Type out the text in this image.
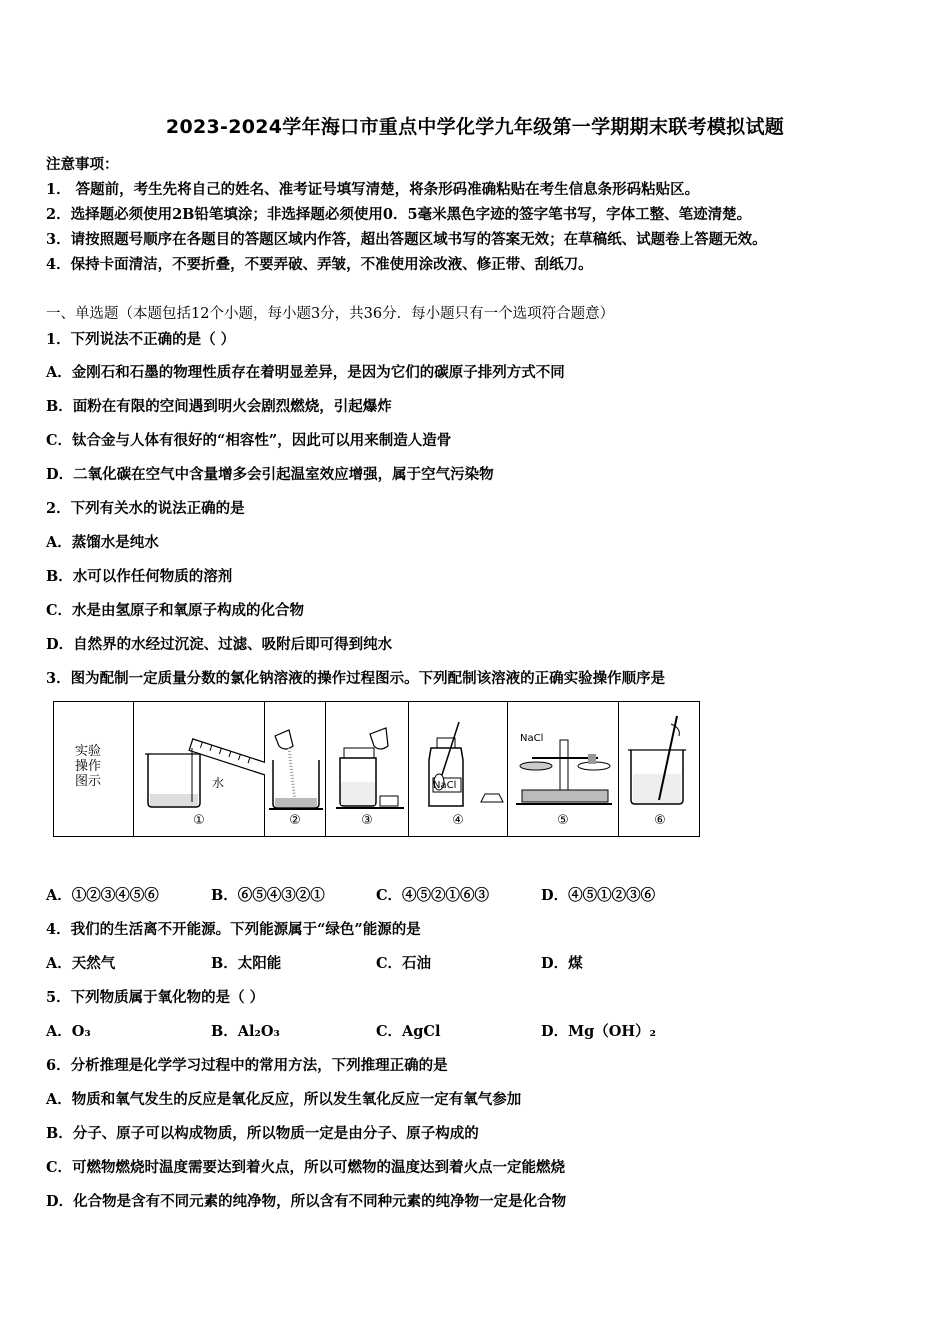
2023-2024学年海口市重点中学化学九年级第一学期期末联考模拟试题
注意事项：
1． 答题前，考生先将自己的姓名、准考证号填写清楚，将条形码准确粘贴在考生信息条形码粘贴区。
2．选择题必须使用2B铅笔填涂；非选择题必须使用0．5毫米黑色字迹的签字笔书写，字体工整、笔迹清楚。
3．请按照题号顺序在各题目的答题区域内作答，超出答题区域书写的答案无效；在草稿纸、试题卷上答题无效。
4．保持卡面清洁，不要折叠，不要弄破、弄皱，不准使用涂改液、修正带、刮纸刀。
一、单选题（本题包括12个小题，每小题3分，共36分．每小题只有一个选项符合题意）
1．下列说法不正确的是（ ）
A．金刚石和石墨的物理性质存在着明显差异，是因为它们的碳原子排列方式不同
B．面粉在有限的空间遇到明火会剧烈燃烧，引起爆炸
C．钛合金与人体有很好的“相容性”，因此可以用来制造人造骨
D．二氧化碳在空气中含量增多会引起温室效应增强，属于空气污染物
2．下列有关水的说法正确的是
A．蒸馏水是纯水
B．水可以作任何物质的溶剂
C．水是由氢原子和氧原子构成的化合物
D．自然界的水经过沉淀、过滤、吸附后即可得到纯水
3．图为配制一定质量分数的氯化钠溶液的操作过程图示。下列配制该溶液的正确实验操作顺序是
实验
操作
图示	水
①	②	③
NaCl
④
NaCl
⑤	⑥
A．①②③④⑤⑥	B．⑥⑤④③②①	C．④⑤②①⑥③	D．④⑤①②③⑥
4．我们的生活离不开能源。下列能源属于“绿色”能源的是
A．天然气	B．太阳能	C．石油	D．煤
5．下列物质属于氧化物的是（ ）
A．O₃	B．Al₂O₃	C．AgCl	D．Mg（OH）₂
6．分析推理是化学学习过程中的常用方法，下列推理正确的是
A．物质和氧气发生的反应是氧化反应，所以发生氧化反应一定有氧气参加
B．分子、原子可以构成物质，所以物质一定是由分子、原子构成的
C．可燃物燃烧时温度需要达到着火点，所以可燃物的温度达到着火点一定能燃烧
D．化合物是含有不同元素的纯净物，所以含有不同种元素的纯净物一定是化合物
